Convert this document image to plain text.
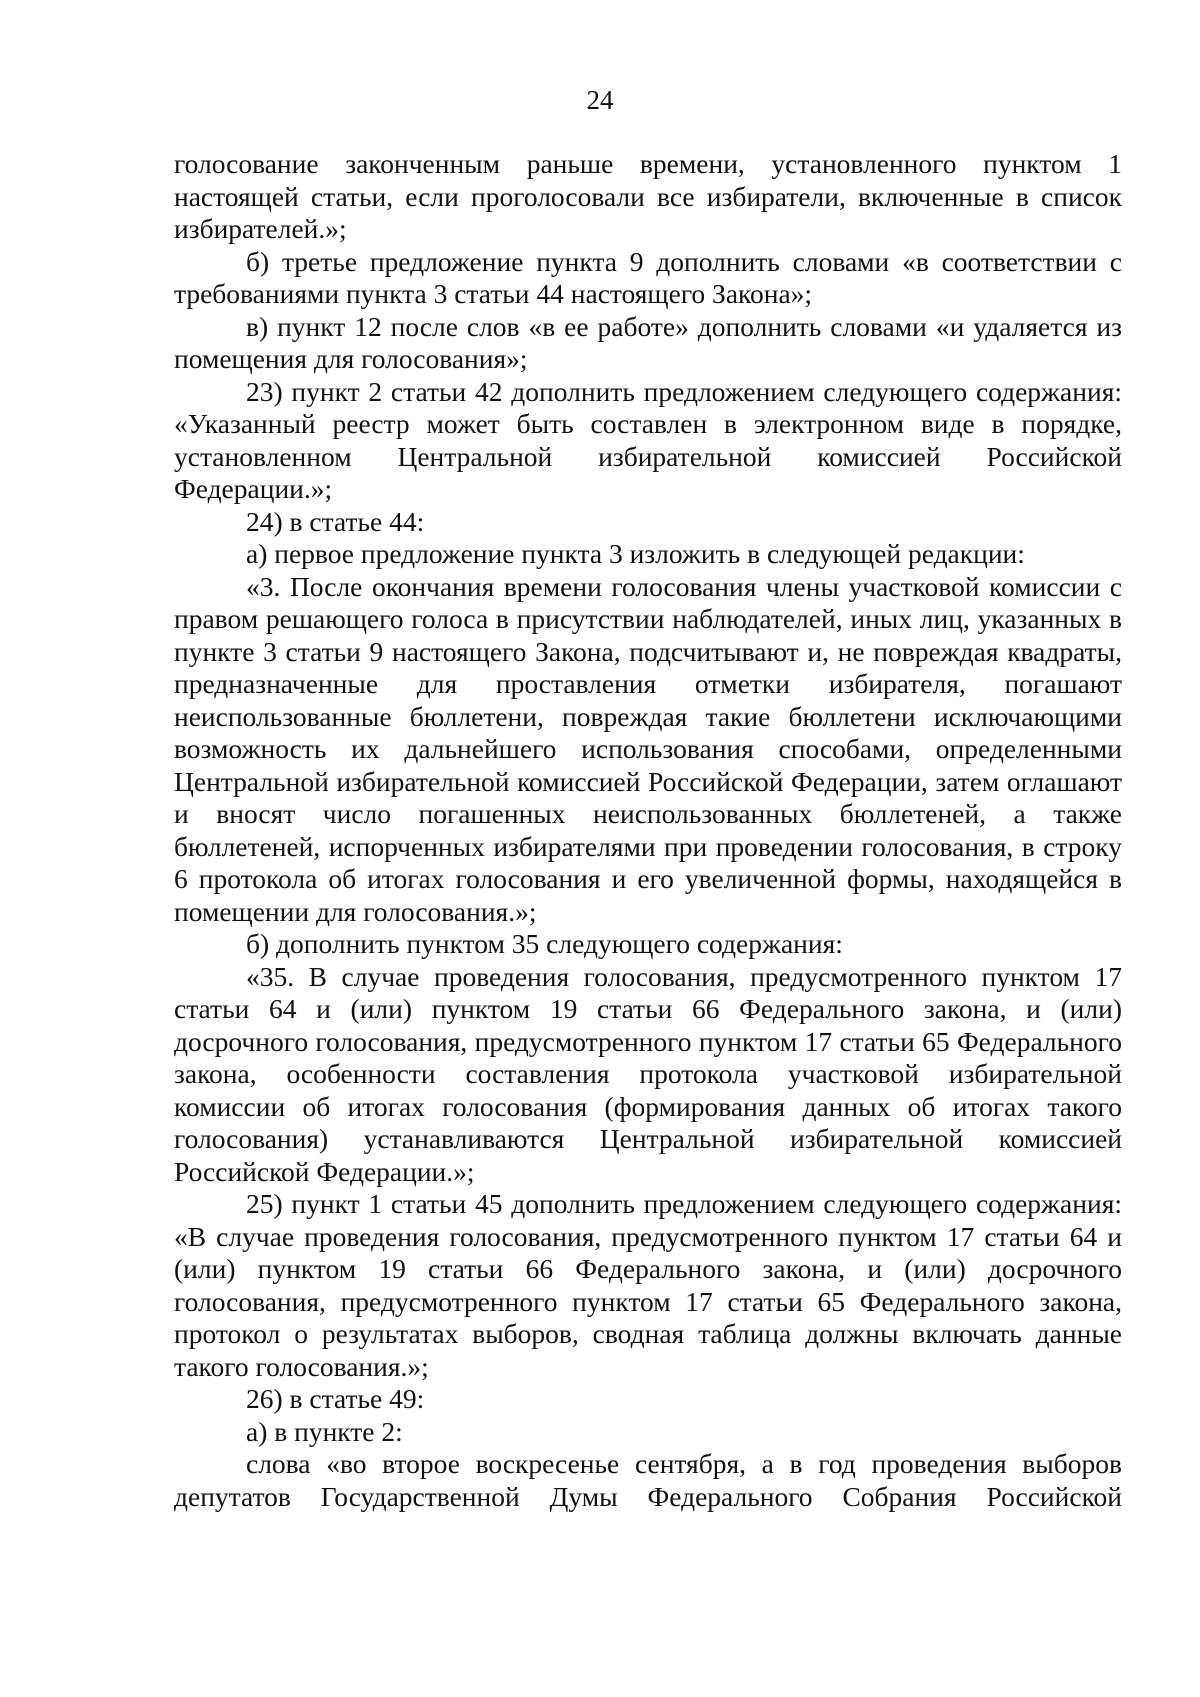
24

голосование законченным раньше времени, установленного пунктом 1 настоящей статьи, если проголосовали все избиратели, включенные в список избирателей.»;

б) третье предложение пункта 9 дополнить словами «в соответствии с требованиями пункта 3 статьи 44 настоящего Закона»;

в) пункт 12 после слов «в ее работе» дополнить словами «и удаляется из помещения для голосования»;

23) пункт 2 статьи 42 дополнить предложением следующего содержания: «Указанный реестр может быть составлен в электронном виде в порядке, установленном Центральной избирательной комиссией Российской Федерации.»;

24) в статье 44:

а) первое предложение пункта 3 изложить в следующей редакции:

«3. После окончания времени голосования члены участковой комиссии с правом решающего голоса в присутствии наблюдателей, иных лиц, указанных в пункте 3 статьи 9 настоящего Закона, подсчитывают и, не повреждая квадраты, предназначенные для проставления отметки избирателя, погашают неиспользованные бюллетени, повреждая такие бюллетени исключающими возможность их дальнейшего использования способами, определенными Центральной избирательной комиссией Российской Федерации, затем оглашают и вносят число погашенных неиспользованных бюллетеней, а также бюллетеней, испорченных избирателями при проведении голосования, в строку 6 протокола об итогах голосования и его увеличенной формы, находящейся в помещении для голосования.»;

б) дополнить пунктом 35 следующего содержания:

«35. В случае проведения голосования, предусмотренного пунктом 17 статьи 64 и (или) пунктом 19 статьи 66 Федерального закона, и (или) досрочного голосования, предусмотренного пунктом 17 статьи 65 Федерального закона, особенности составления протокола участковой избирательной комиссии об итогах голосования (формирования данных об итогах такого голосования) устанавливаются Центральной избирательной комиссией Российской Федерации.»;

25) пункт 1 статьи 45 дополнить предложением следующего содержания: «В случае проведения голосования, предусмотренного пунктом 17 статьи 64 и (или) пунктом 19 статьи 66 Федерального закона, и (или) досрочного голосования, предусмотренного пунктом 17 статьи 65 Федерального закона, протокол о результатах выборов, сводная таблица должны включать данные такого голосования.»;

26) в статье 49:

а) в пункте 2:

слова «во второе воскресенье сентября, а в год проведения выборов депутатов Государственной Думы Федерального Собрания Российской
